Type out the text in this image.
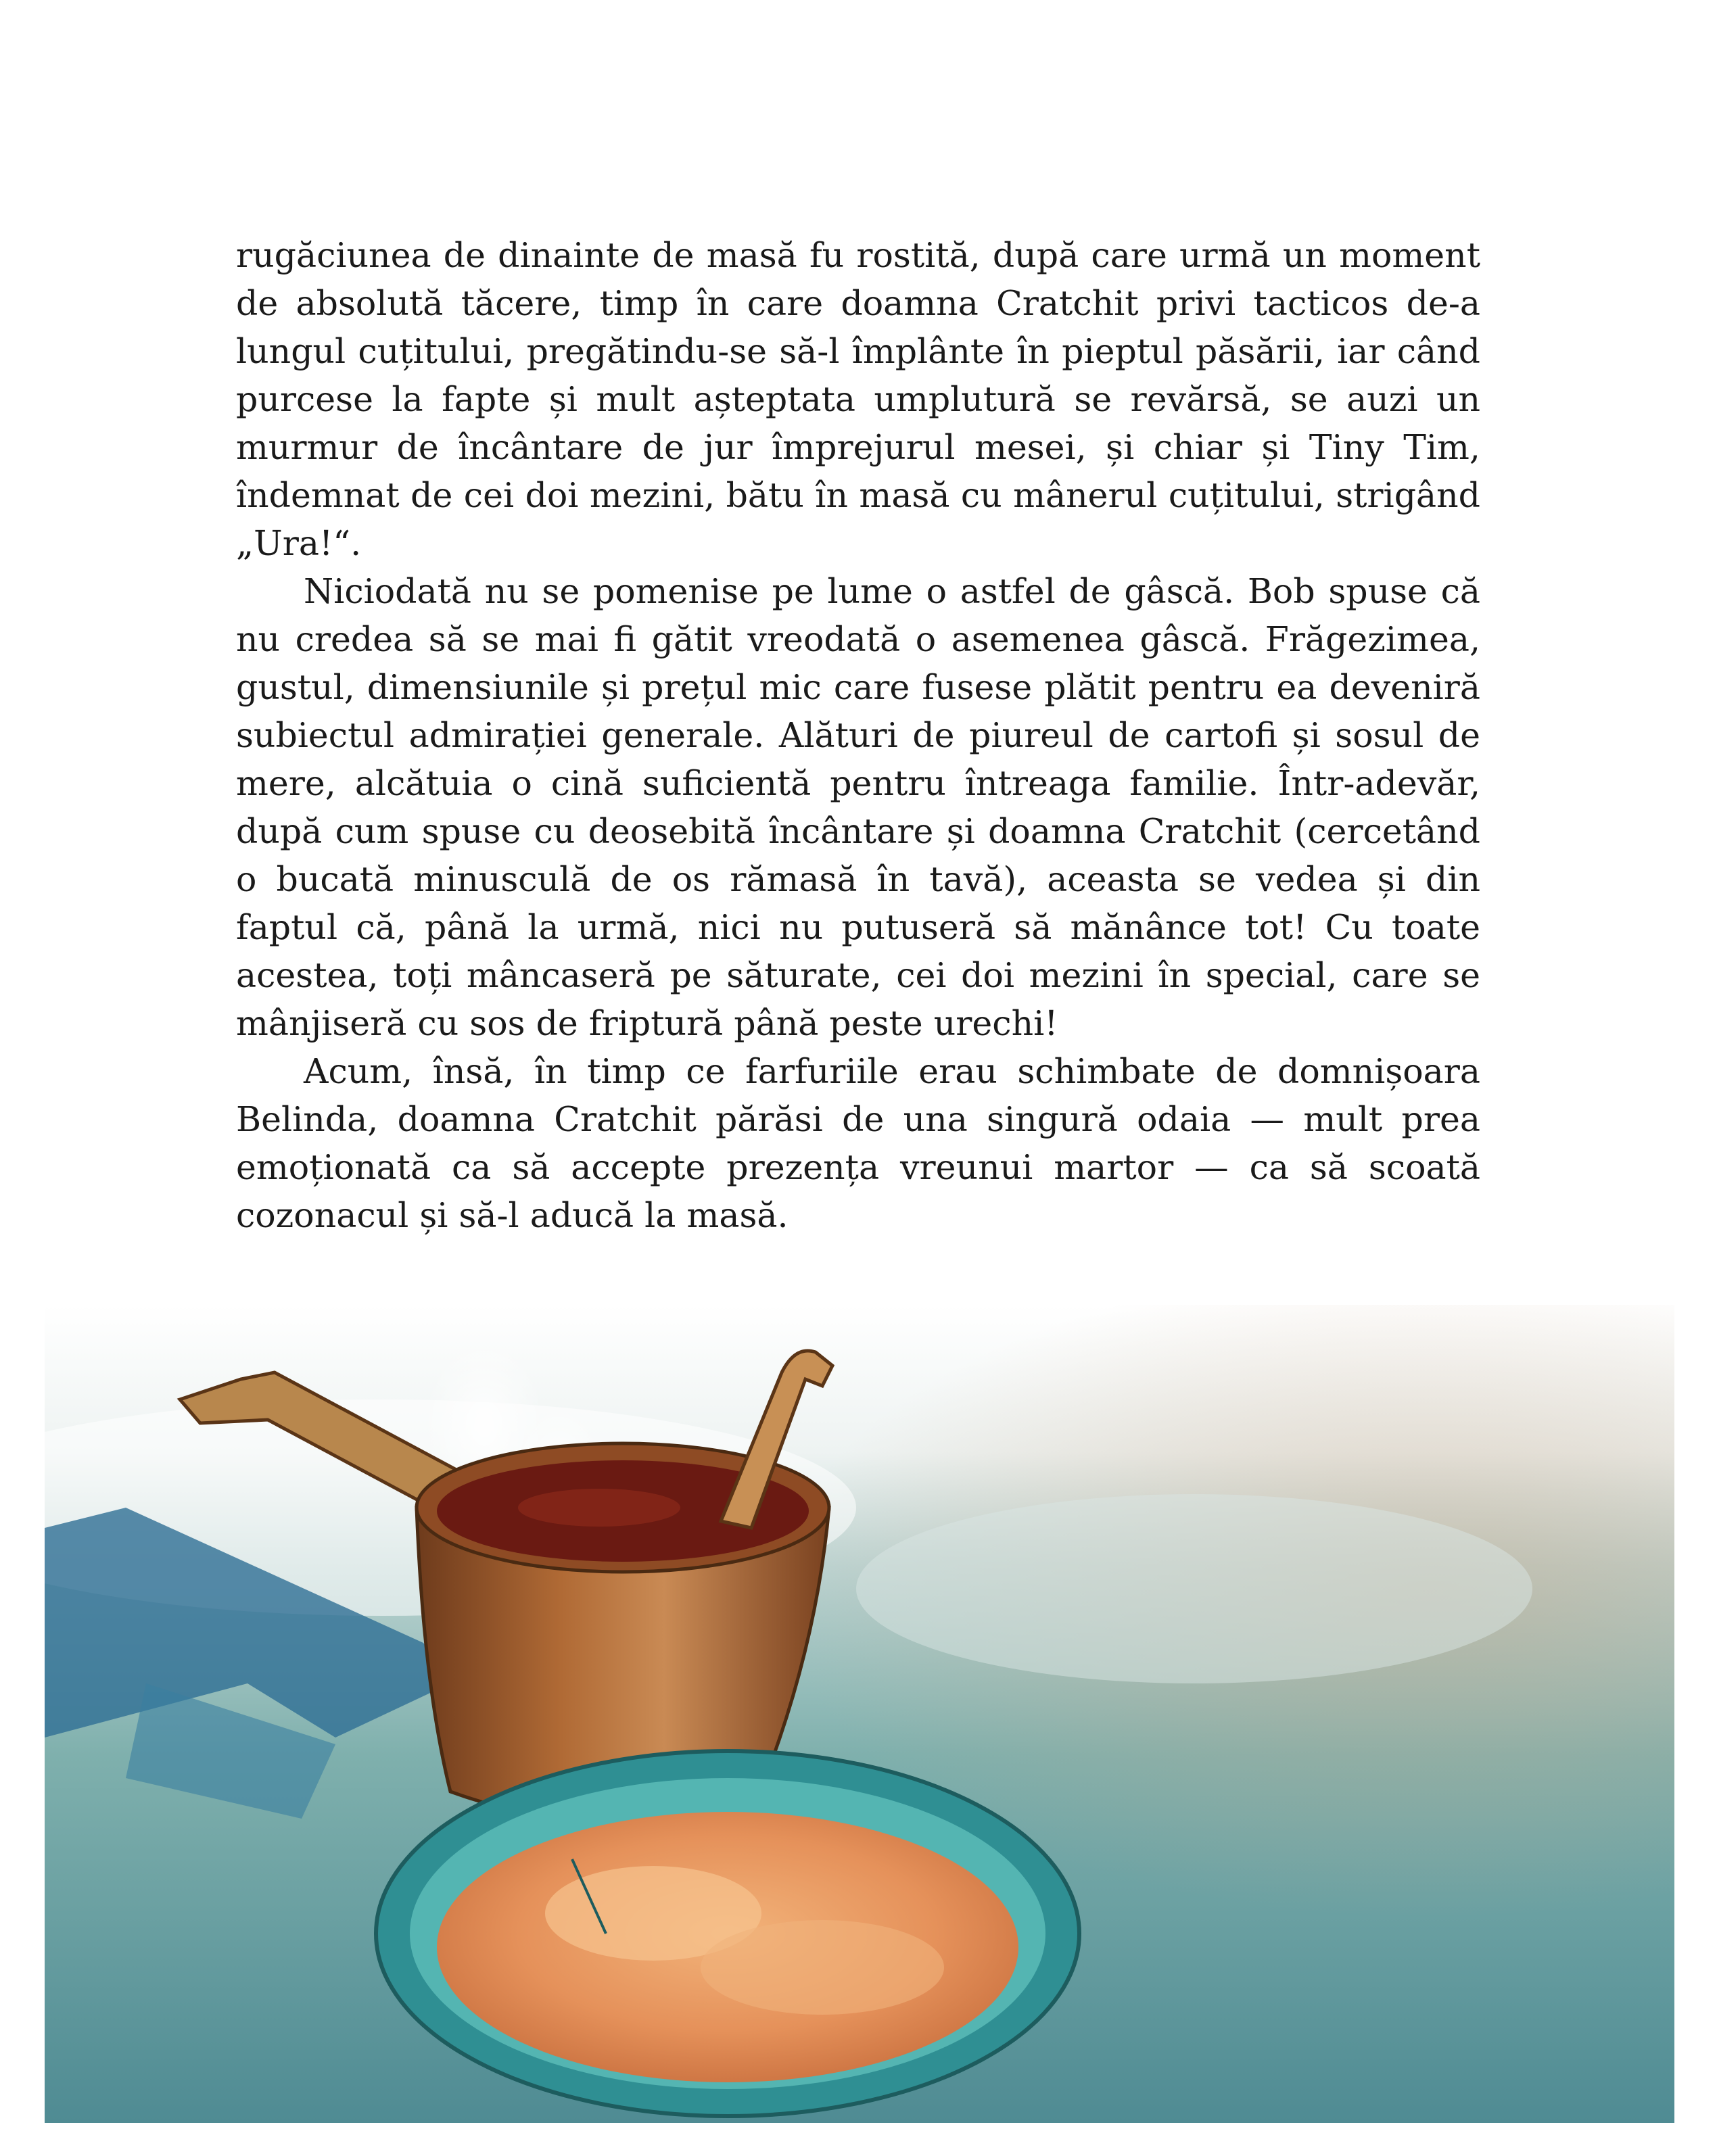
rugăciunea de dinainte de masă fu rostită, după care urmă un moment de absolută tăcere, timp în care doamna Cratchit privi tacticos de-a lungul cuțitului, pregătindu-se să-l împlânte în pieptul păsării, iar când purcese la fapte și mult așteptata umplutură se revărsă, se auzi un murmur de încântare de jur împrejurul mesei, și chiar și Tiny Tim, îndemnat de cei doi mezini, bătu în masă cu mânerul cuțitului, strigând „Ura!“.

Niciodată nu se pomenise pe lume o astfel de gâscă. Bob spuse că nu credea să se mai fi gătit vreodată o asemenea gâscă. Frăgezimea, gustul, dimensiunile și prețul mic care fusese plătit pentru ea deveniră subiectul admirației generale. Alături de piureul de cartofi și sosul de mere, alcătuia o cină suficientă pentru întreaga familie. Într-adevăr, după cum spuse cu deosebită încântare și doamna Cratchit (cercetând o bucată minusculă de os rămasă în tavă), aceasta se vedea și din faptul că, până la urmă, nici nu putuseră să mănânce tot! Cu toate acestea, toți mâncaseră pe săturate, cei doi mezini în special, care se mânjiseră cu sos de friptură până peste urechi!

Acum, însă, în timp ce farfuriile erau schimbate de domnișoara Belinda, doamna Cratchit părăsi de una singură odaia — mult prea emoționată ca să accepte prezența vreunui martor — ca să scoată cozonacul și să-l aducă la masă.
